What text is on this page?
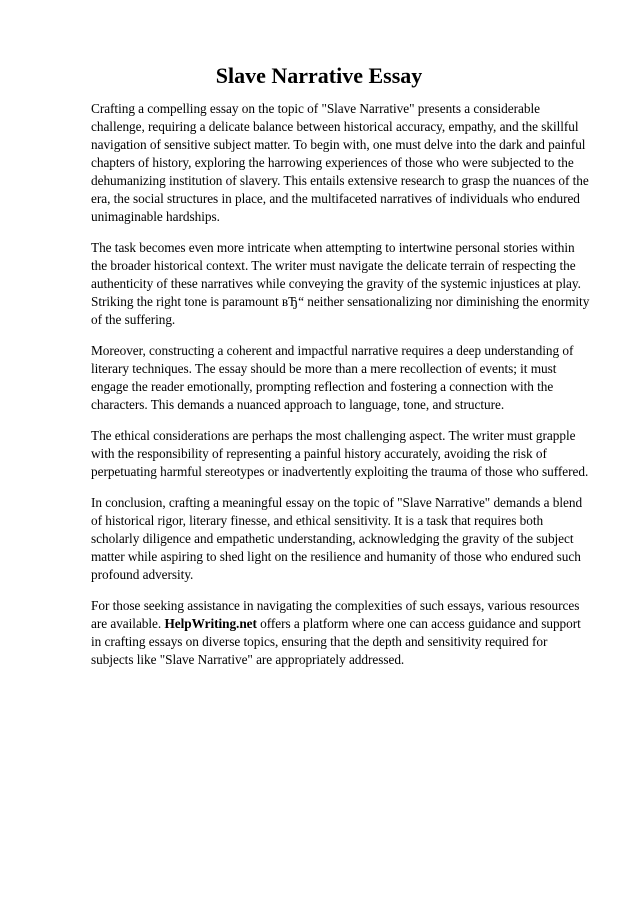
Slave Narrative Essay

Crafting a compelling essay on the topic of "Slave Narrative" presents a considerable challenge, requiring a delicate balance between historical accuracy, empathy, and the skillful navigation of sensitive subject matter. To begin with, one must delve into the dark and painful chapters of history, exploring the harrowing experiences of those who were subjected to the dehumanizing institution of slavery. This entails extensive research to grasp the nuances of the era, the social structures in place, and the multifaceted narratives of individuals who endured unimaginable hardships.

The task becomes even more intricate when attempting to intertwine personal stories within the broader historical context. The writer must navigate the delicate terrain of respecting the authenticity of these narratives while conveying the gravity of the systemic injustices at play. Striking the right tone is paramount вЂ“ neither sensationalizing nor diminishing the enormity of the suffering.

Moreover, constructing a coherent and impactful narrative requires a deep understanding of literary techniques. The essay should be more than a mere recollection of events; it must engage the reader emotionally, prompting reflection and fostering a connection with the characters. This demands a nuanced approach to language, tone, and structure.

The ethical considerations are perhaps the most challenging aspect. The writer must grapple with the responsibility of representing a painful history accurately, avoiding the risk of perpetuating harmful stereotypes or inadvertently exploiting the trauma of those who suffered.

In conclusion, crafting a meaningful essay on the topic of "Slave Narrative" demands a blend of historical rigor, literary finesse, and ethical sensitivity. It is a task that requires both scholarly diligence and empathetic understanding, acknowledging the gravity of the subject matter while aspiring to shed light on the resilience and humanity of those who endured such profound adversity.

For those seeking assistance in navigating the complexities of such essays, various resources are available. HelpWriting.net offers a platform where one can access guidance and support in crafting essays on diverse topics, ensuring that the depth and sensitivity required for subjects like "Slave Narrative" are appropriately addressed.
